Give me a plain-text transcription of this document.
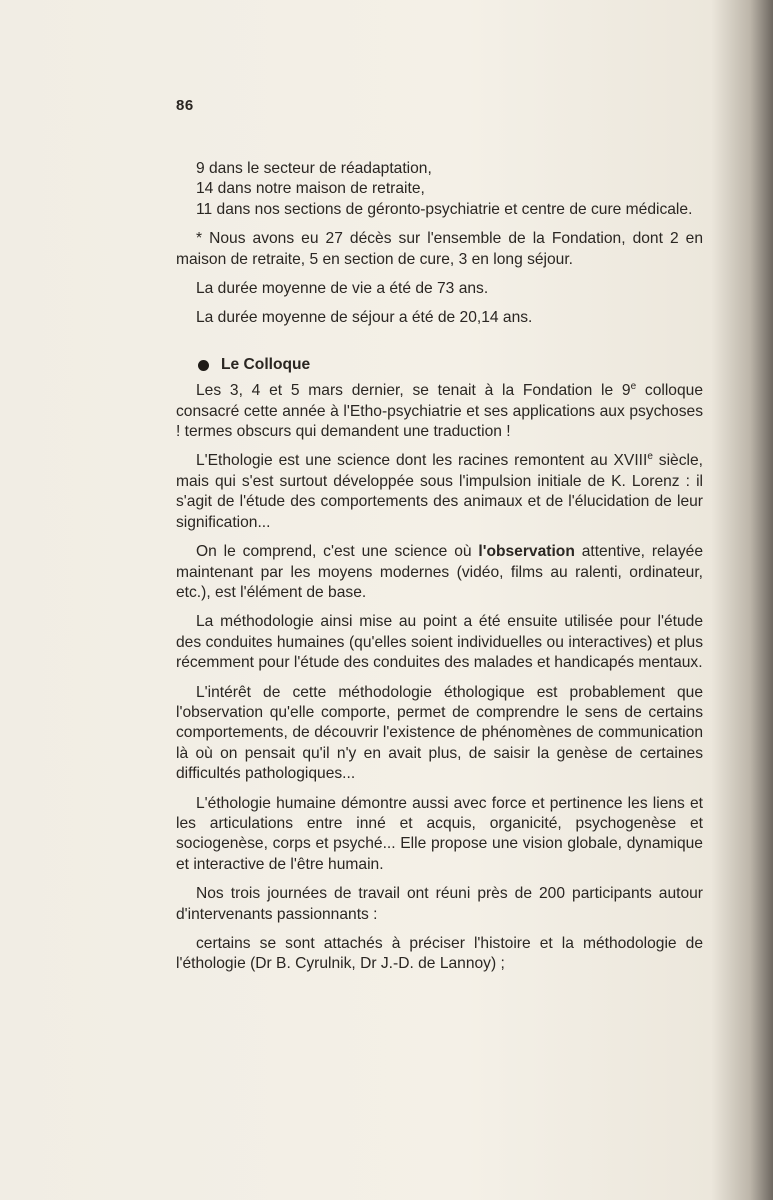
86

9 dans le secteur de réadaptation,

14 dans notre maison de retraite,

11 dans nos sections de géronto-psychiatrie et centre de cure médicale.

* Nous avons eu 27 décès sur l'ensemble de la Fondation, dont 2 en maison de retraite, 5 en section de cure, 3 en long séjour.

La durée moyenne de vie a été de 73 ans.

La durée moyenne de séjour a été de 20,14 ans.

Le Colloque

Les 3, 4 et 5 mars dernier, se tenait à la Fondation le 9e colloque consacré cette année à l'Etho-psychiatrie et ses applications aux psychoses ! termes obscurs qui demandent une traduction !

L'Ethologie est une science dont les racines remontent au XVIIIe siècle, mais qui s'est surtout développée sous l'impulsion initiale de K. Lorenz : il s'agit de l'étude des comportements des animaux et de l'élucidation de leur signification...

On le comprend, c'est une science où l'observation attentive, relayée maintenant par les moyens modernes (vidéo, films au ralenti, ordinateur, etc.), est l'élément de base.

La méthodologie ainsi mise au point a été ensuite utilisée pour l'étude des conduites humaines (qu'elles soient individuelles ou interactives) et plus récemment pour l'étude des conduites des malades et handicapés mentaux.

L'intérêt de cette méthodologie éthologique est probablement que l'observation qu'elle comporte, permet de comprendre le sens de certains comportements, de découvrir l'existence de phénomènes de communication là où on pensait qu'il n'y en avait plus, de saisir la genèse de certaines difficultés pathologiques...

L'éthologie humaine démontre aussi avec force et pertinence les liens et les articulations entre inné et acquis, organicité, psychogenèse et sociogenèse, corps et psyché... Elle propose une vision globale, dynamique et interactive de l'être humain.

Nos trois journées de travail ont réuni près de 200 participants autour d'intervenants passionnants :

certains se sont attachés à préciser l'histoire et la méthodologie de l'éthologie (Dr B. Cyrulnik, Dr J.-D. de Lannoy) ;
